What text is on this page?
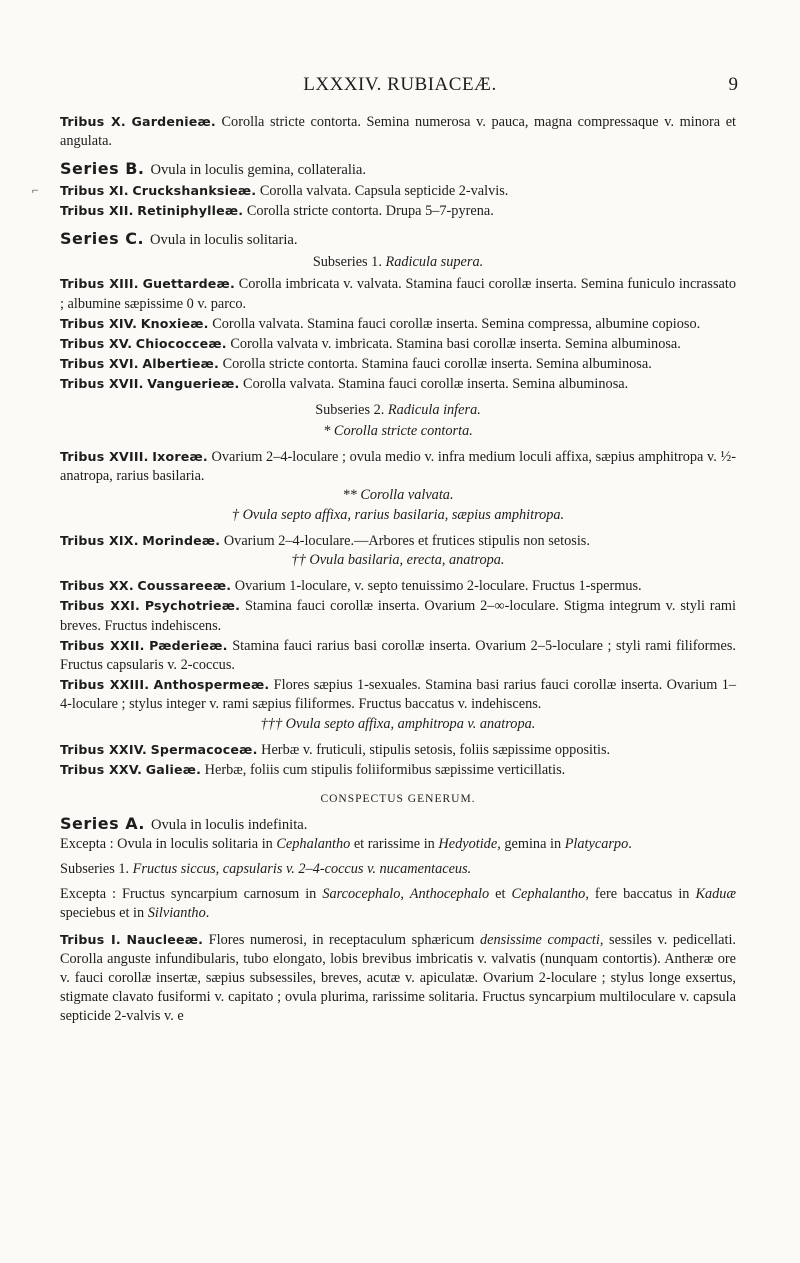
LXXXIV. RUBIACEÆ.	9

Tribus X. Gardenieæ. Corolla stricte contorta. Semina numerosa v. pauca, magna compressaque v. minora et angulata.

Series B. Ovula in loculis gemina, collateralia.

⌐ Tribus XI. Cruckshanksieæ. Corolla valvata. Capsula septicide 2-valvis.

Tribus XII. Retiniphylleæ. Corolla stricte contorta. Drupa 5–7-pyrena.

Series C. Ovula in loculis solitaria.

Subseries 1. Radicula supera.

Tribus XIII. Guettardeæ. Corolla imbricata v. valvata. Stamina fauci corollæ inserta. Semina funiculo incrassato ; albumine sæpissime 0 v. parco.

Tribus XIV. Knoxieæ. Corolla valvata. Stamina fauci corollæ inserta. Semina compressa, albumine copioso.

Tribus XV. Chiococceæ. Corolla valvata v. imbricata. Stamina basi corollæ inserta. Semina albuminosa.

Tribus XVI. Albertieæ. Corolla stricte contorta. Stamina fauci corollæ inserta. Semina albuminosa.

Tribus XVII. Vanguerieæ. Corolla valvata. Stamina fauci corollæ inserta. Semina albuminosa.

Subseries 2. Radicula infera.

* Corolla stricte contorta.

Tribus XVIII. Ixoreæ. Ovarium 2–4-loculare ; ovula medio v. infra medium loculi affixa, sæpius amphitropa v. ½-anatropa, rarius basilaria.

** Corolla valvata.

† Ovula septo affixa, rarius basilaria, sæpius amphitropa.

Tribus XIX. Morindeæ. Ovarium 2–4-loculare.—Arbores et frutices stipulis non setosis.

†† Ovula basilaria, erecta, anatropa.

Tribus XX. Coussareeæ. Ovarium 1-loculare, v. septo tenuissimo 2-loculare. Fructus 1-spermus.

Tribus XXI. Psychotrieæ. Stamina fauci corollæ inserta. Ovarium 2–∞-loculare. Stigma integrum v. styli rami breves. Fructus indehiscens.

Tribus XXII. Pæderieæ. Stamina fauci rarius basi corollæ inserta. Ovarium 2–5-loculare ; styli rami filiformes. Fructus capsularis v. 2-coccus.

Tribus XXIII. Anthospermeæ. Flores sæpius 1-sexuales. Stamina basi rarius fauci corollæ inserta. Ovarium 1–4-loculare ; stylus integer v. rami sæpius filiformes. Fructus baccatus v. indehiscens.

††† Ovula septo affixa, amphitropa v. anatropa.

Tribus XXIV. Spermacoceæ. Herbæ v. fruticuli, stipulis setosis, foliis sæpissime oppositis.

Tribus XXV. Galieæ. Herbæ, foliis cum stipulis foliiformibus sæpissime verticillatis.

CONSPECTUS GENERUM.

Series A. Ovula in loculis indefinita.

Excepta : Ovula in loculis solitaria in Cephalantho et rarissime in Hedyotide, gemina in Platycarpo.

Subseries 1. Fructus siccus, capsularis v. 2–4-coccus v. nucamentaceus.

Excepta : Fructus syncarpium carnosum in Sarcocephalo, Anthocephalo et Cephalantho, fere baccatus in Kaduæ speciebus et in Silviantho.

Tribus I. Naucleeæ. Flores numerosi, in receptaculum sphæricum densissime compacti, sessiles v. pedicellati. Corolla anguste infundibularis, tubo elongato, lobis brevibus imbricatis v. valvatis (nunquam contortis). Antheræ ore v. fauci corollæ insertæ, sæpius subsessiles, breves, acutæ v. apiculatæ. Ovarium 2-loculare ; stylus longe exsertus, stigmate clavato fusiformi v. capitato ; ovula plurima, rarissime solitaria. Fructus syncarpium multiloculare v. capsula septicide 2-valvis v. e
